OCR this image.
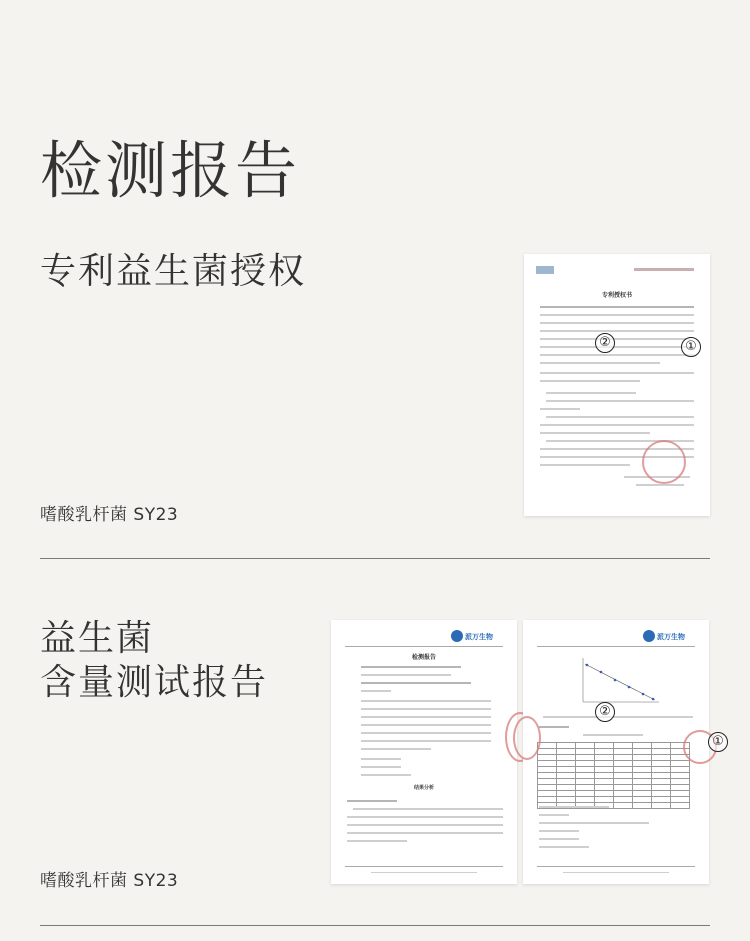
检测报告
专利益生菌授权
嗜酸乳杆菌 SY23
专利授权书
②	①
益生菌
含量测试报告
嗜酸乳杆菌 SY23
派万生物
检测报告
结果分析
派万生物

②
①
